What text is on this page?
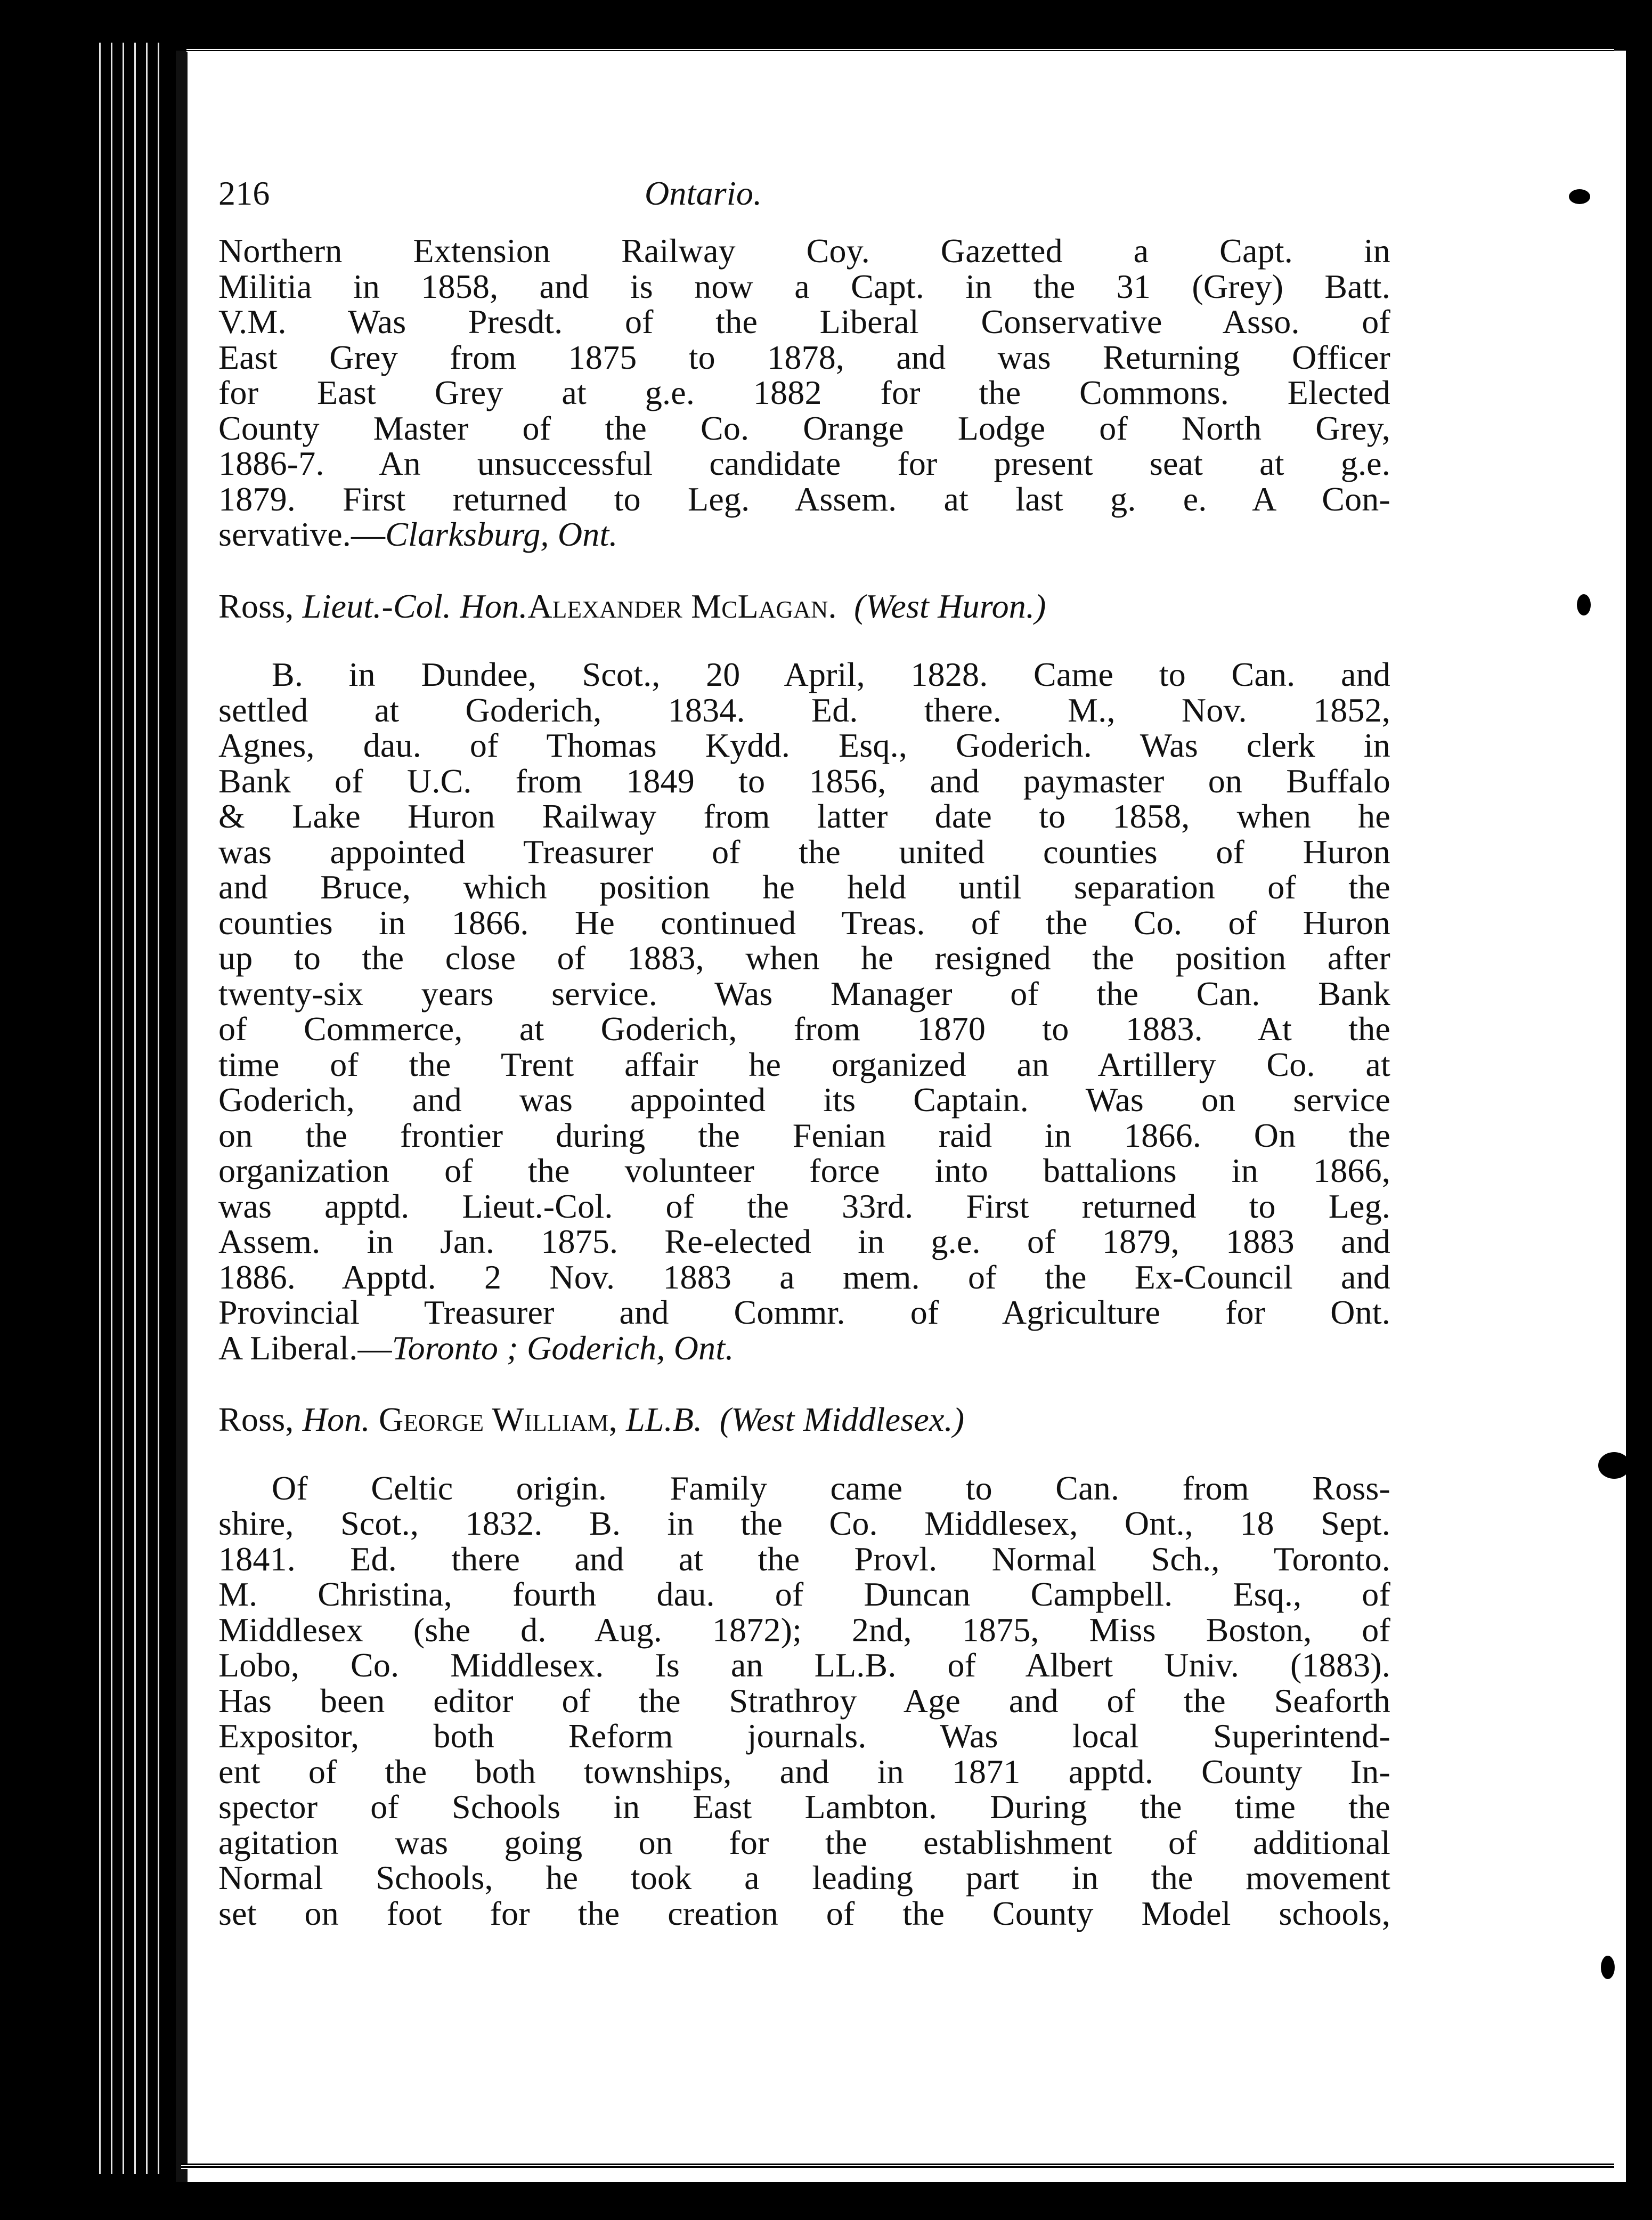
216	Ontario.
Northern Extension Railway Coy. Gazetted a Capt. in
Militia in 1858, and is now a Capt. in the 31 (Grey) Batt.
V.M. Was Presdt. of the Liberal Conservative Asso. of
East Grey from 1875 to 1878, and was Returning Officer
for East Grey at g.e. 1882 for the Commons. Elected
County Master of the Co. Orange Lodge of North Grey,
1886-7. An unsuccessful candidate for present seat at g.e.
1879. First returned to Leg. Assem. at last g. e. A Con-
servative.—Clarksburg, Ont.
Ross, Lieut.-Col. Hon.Alexander McLagan. (West Huron.)
B. in Dundee, Scot., 20 April, 1828. Came to Can. and
settled at Goderich, 1834. Ed. there. M., Nov. 1852,
Agnes, dau. of Thomas Kydd. Esq., Goderich. Was clerk in
Bank of U.C. from 1849 to 1856, and paymaster on Buffalo
& Lake Huron Railway from latter date to 1858, when he
was appointed Treasurer of the united counties of Huron
and Bruce, which position he held until separation of the
counties in 1866. He continued Treas. of the Co. of Huron
up to the close of 1883, when he resigned the position after
twenty-six years service. Was Manager of the Can. Bank
of Commerce, at Goderich, from 1870 to 1883. At the
time of the Trent affair he organized an Artillery Co. at
Goderich, and was appointed its Captain. Was on service
on the frontier during the Fenian raid in 1866. On the
organization of the volunteer force into battalions in 1866,
was apptd. Lieut.-Col. of the 33rd. First returned to Leg.
Assem. in Jan. 1875. Re-elected in g.e. of 1879, 1883 and
1886. Apptd. 2 Nov. 1883 a mem. of the Ex-Council and
Provincial Treasurer and Commr. of Agriculture for Ont.
A Liberal.—Toronto ; Goderich, Ont.
Ross, Hon. George William, LL.B. (West Middlesex.)
Of Celtic origin. Family came to Can. from Ross-
shire, Scot., 1832. B. in the Co. Middlesex, Ont., 18 Sept.
1841. Ed. there and at the Provl. Normal Sch., Toronto.
M. Christina, fourth dau. of Duncan Campbell. Esq., of
Middlesex (she d. Aug. 1872); 2nd, 1875, Miss Boston, of
Lobo, Co. Middlesex. Is an LL.B. of Albert Univ. (1883).
Has been editor of the Strathroy Age and of the Seaforth
Expositor, both Reform journals. Was local Superintend-
ent of the both townships, and in 1871 apptd. County In-
spector of Schools in East Lambton. During the time the
agitation was going on for the establishment of additional
Normal Schools, he took a leading part in the movement
set on foot for the creation of the County Model schools,
